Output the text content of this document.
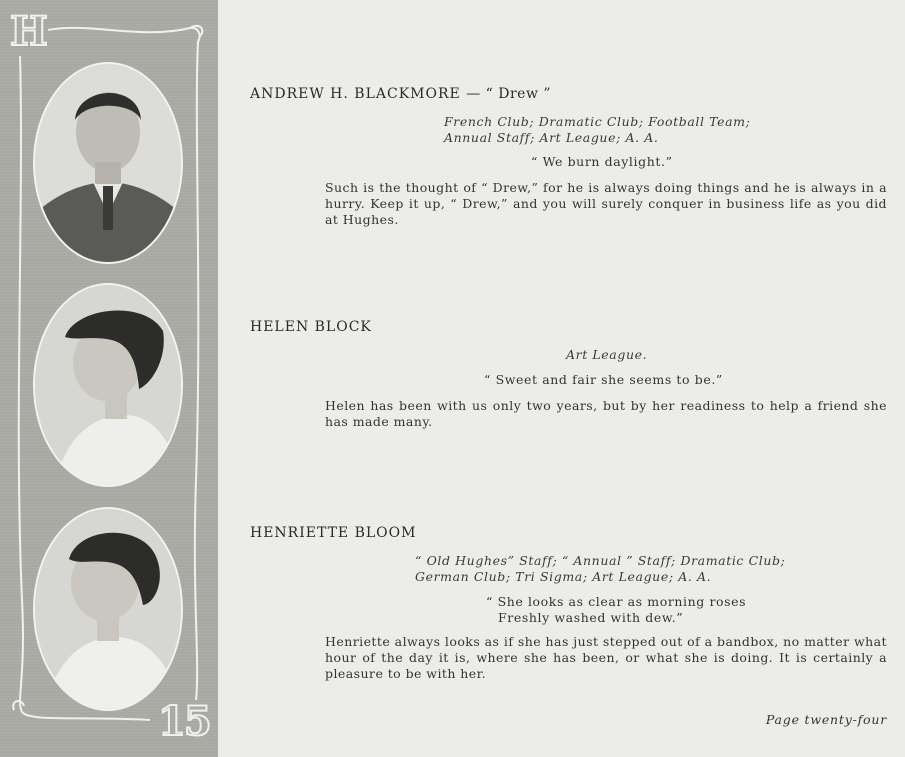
H
15
ANDREW H. BLACKMORE — “ Drew ”
French Club; Dramatic Club; Football Team;
Annual Staff; Art League; A. A.
“ We burn daylight.”
Such is the thought of “ Drew,” for he is always doing things and he is always in a hurry. Keep it up, “ Drew,” and you will surely conquer in business life as you did at Hughes.
HELEN BLOCK
Art League.
“ Sweet and fair she seems to be.”
Helen has been with us only two years, but by her readiness to help a friend she has made many.
HENRIETTE BLOOM
“ Old Hughes” Staff; “ Annual ” Staff; Dramatic Club;
German Club; Tri Sigma; Art League; A. A.
“ She looks as clear as morning roses
Freshly washed with dew.”
Henriette always looks as if she has just stepped out of a bandbox, no matter what hour of the day it is, where she has been, or what she is doing. It is certainly a pleasure to be with her.
Page twenty-four
